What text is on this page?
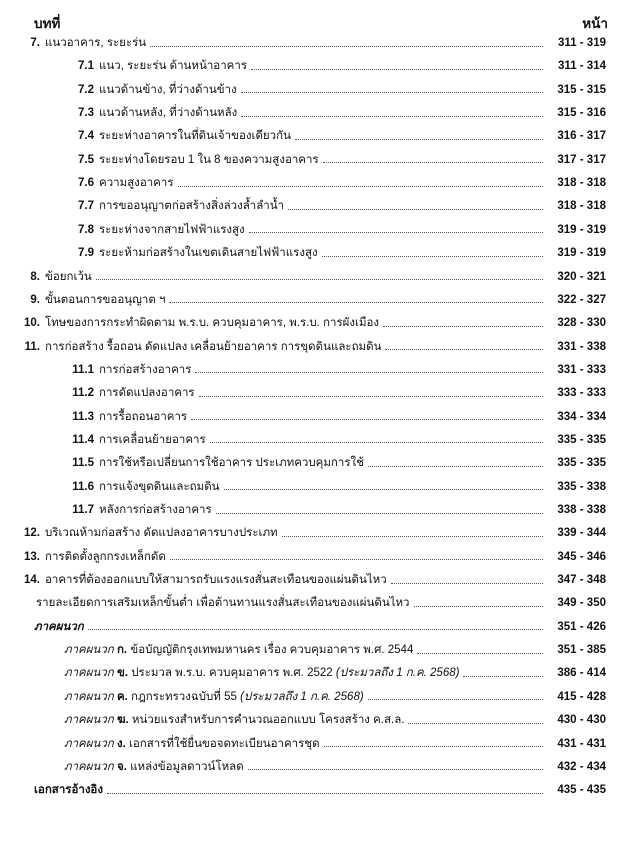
บทที่	หน้า
7. แนวอาคาร, ระยะร่น	311 - 319
7.1 แนว, ระยะร่น ด้านหน้าอาคาร	311 - 314
7.2 แนวด้านข้าง, ที่ว่างด้านข้าง	315 - 315
7.3 แนวด้านหลัง, ที่ว่างด้านหลัง	315 - 316
7.4 ระยะห่างอาคารในที่ดินเจ้าของเดียวกัน	316 - 317
7.5 ระยะห่างโดยรอบ 1 ใน 8 ของความสูงอาคาร	317 - 317
7.6 ความสูงอาคาร	318 - 318
7.7 การขออนุญาตก่อสร้างสิ่งล่วงล้ำลำน้ำ	318 - 318
7.8 ระยะห่างจากสายไฟฟ้าแรงสูง	319 - 319
7.9 ระยะห้ามก่อสร้างในเขตเดินสายไฟฟ้าแรงสูง	319 - 319
8. ข้อยกเว้น	320 - 321
9. ขั้นตอนการขออนุญาต ฯ	322 - 327
10. โทษของการกระทำผิดตาม พ.ร.บ. ควบคุมอาคาร, พ.ร.บ. การผังเมือง	328 - 330
11. การก่อสร้าง รื้อถอน ดัดแปลง เคลื่อนย้ายอาคาร การขุดดินและถมดิน	331 - 338
11.1 การก่อสร้างอาคาร	331 - 333
11.2 การดัดแปลงอาคาร	333 - 333
11.3 การรื้อถอนอาคาร	334 - 334
11.4 การเคลื่อนย้ายอาคาร	335 - 335
11.5 การใช้หรือเปลี่ยนการใช้อาคาร ประเภทควบคุมการใช้	335 - 335
11.6 การแจ้งขุดดินและถมดิน	335 - 338
11.7 หลังการก่อสร้างอาคาร	338 - 338
12. บริเวณห้ามก่อสร้าง ดัดแปลงอาคารบางประเภท	339 - 344
13. การติดตั้งลูกกรงเหล็กดัด	345 - 346
14. อาคารที่ต้องออกแบบให้สามารถรับแรงแรงสั่นสะเทือนของแผ่นดินไหว	347 - 348
รายละเอียดการเสริมเหล็กขั้นต่ำ เพื่อต้านทานแรงสั่นสะเทือนของแผ่นดินไหว	349 - 350
ภาคผนวก	351 - 426
ภาคผนวก ก. ข้อบัญญัติกรุงเทพมหานคร เรื่อง ควบคุมอาคาร พ.ศ. 2544	351 - 385
ภาคผนวก ข. ประมวล พ.ร.บ. ควบคุมอาคาร พ.ศ. 2522 (ประมวลถึง 1 ก.ค. 2568)	386 - 414
ภาคผนวก ค. กฎกระทรวงฉบับที่ 55 (ประมวลถึง 1 ก.ค. 2568)	415 - 428
ภาคผนวก ฆ. หน่วยแรงสำหรับการคำนวณออกแบบ โครงสร้าง ค.ส.ล.	430 - 430
ภาคผนวก ง. เอกสารที่ใช้ยื่นขอจดทะเบียนอาคารชุด	431 - 431
ภาคผนวก จ. แหล่งข้อมูลดาวน์โหลด	432 - 434
เอกสารอ้างอิง	435 - 435
